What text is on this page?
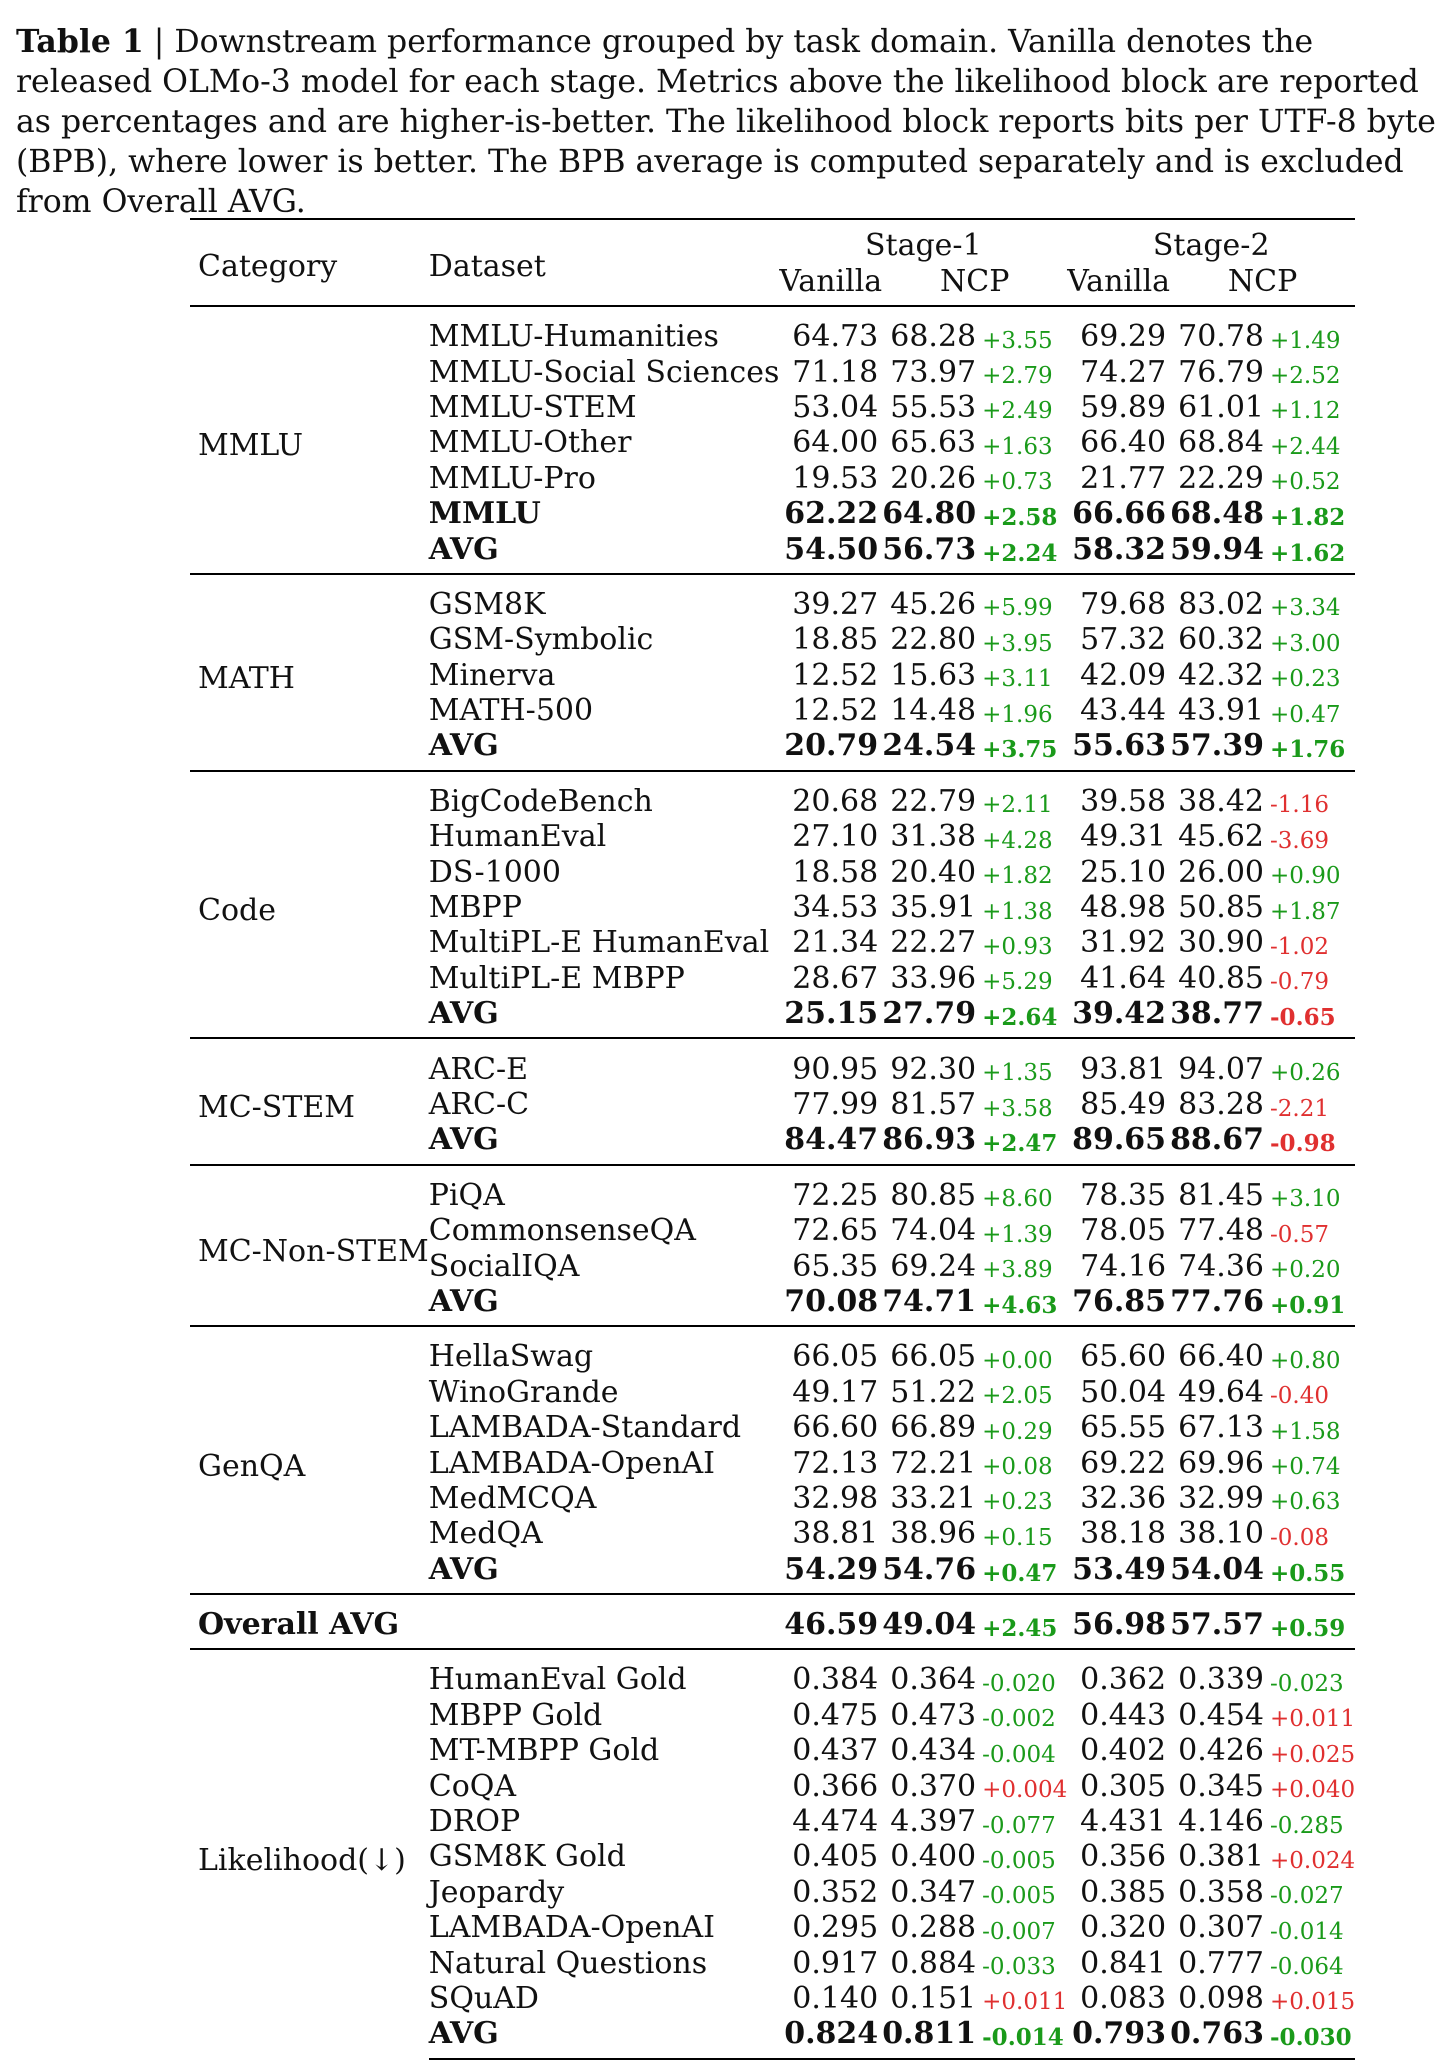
Table 1 | Downstream performance grouped by task domain. Vanilla denotes the released OLMo-3 model for each stage. Metrics above the likelihood block are reported as percentages and are higher-is-better. The likelihood block reports bits per UTF-8 byte (BPB), where lower is better. The BPB average is computed separately and is excluded from Overall AVG.
Category	Dataset	Stage-1			Stage-2		
		Vanilla	NCP		Vanilla	NCP	
MMLU	MMLU-Humanities	64.73	68.28	+3.55	69.29	70.78	+1.49
	MMLU-Social Sciences	71.18	73.97	+2.79	74.27	76.79	+2.52
	MMLU-STEM	53.04	55.53	+2.49	59.89	61.01	+1.12
	MMLU-Other	64.00	65.63	+1.63	66.40	68.84	+2.44
	MMLU-Pro	19.53	20.26	+0.73	21.77	22.29	+0.52
	MMLU	62.22	64.80	+2.58	66.66	68.48	+1.82
	AVG	54.50	56.73	+2.24	58.32	59.94	+1.62
MATH	GSM8K	39.27	45.26	+5.99	79.68	83.02	+3.34
	GSM-Symbolic	18.85	22.80	+3.95	57.32	60.32	+3.00
	Minerva	12.52	15.63	+3.11	42.09	42.32	+0.23
	MATH-500	12.52	14.48	+1.96	43.44	43.91	+0.47
	AVG	20.79	24.54	+3.75	55.63	57.39	+1.76
Code	BigCodeBench	20.68	22.79	+2.11	39.58	38.42	-1.16
	HumanEval	27.10	31.38	+4.28	49.31	45.62	-3.69
	DS-1000	18.58	20.40	+1.82	25.10	26.00	+0.90
	MBPP	34.53	35.91	+1.38	48.98	50.85	+1.87
	MultiPL-E HumanEval	21.34	22.27	+0.93	31.92	30.90	-1.02
	MultiPL-E MBPP	28.67	33.96	+5.29	41.64	40.85	-0.79
	AVG	25.15	27.79	+2.64	39.42	38.77	-0.65
MC-STEM	ARC-E	90.95	92.30	+1.35	93.81	94.07	+0.26
	ARC-C	77.99	81.57	+3.58	85.49	83.28	-2.21
	AVG	84.47	86.93	+2.47	89.65	88.67	-0.98
MC-Non-STEM	PiQA	72.25	80.85	+8.60	78.35	81.45	+3.10
	CommonsenseQA	72.65	74.04	+1.39	78.05	77.48	-0.57
	SocialIQA	65.35	69.24	+3.89	74.16	74.36	+0.20
	AVG	70.08	74.71	+4.63	76.85	77.76	+0.91
GenQA	HellaSwag	66.05	66.05	+0.00	65.60	66.40	+0.80
	WinoGrande	49.17	51.22	+2.05	50.04	49.64	-0.40
	LAMBADA-Standard	66.60	66.89	+0.29	65.55	67.13	+1.58
	LAMBADA-OpenAI	72.13	72.21	+0.08	69.22	69.96	+0.74
	MedMCQA	32.98	33.21	+0.23	32.36	32.99	+0.63
	MedQA	38.81	38.96	+0.15	38.18	38.10	-0.08
	AVG	54.29	54.76	+0.47	53.49	54.04	+0.55
Overall AVG		46.59	49.04	+2.45	56.98	57.57	+0.59
Likelihood(↓)	HumanEval Gold	0.384	0.364	-0.020	0.362	0.339	-0.023
	MBPP Gold	0.475	0.473	-0.002	0.443	0.454	+0.011
	MT-MBPP Gold	0.437	0.434	-0.004	0.402	0.426	+0.025
	CoQA	0.366	0.370	+0.004	0.305	0.345	+0.040
	DROP	4.474	4.397	-0.077	4.431	4.146	-0.285
	GSM8K Gold	0.405	0.400	-0.005	0.356	0.381	+0.024
	Jeopardy	0.352	0.347	-0.005	0.385	0.358	-0.027
	LAMBADA-OpenAI	0.295	0.288	-0.007	0.320	0.307	-0.014
	Natural Questions	0.917	0.884	-0.033	0.841	0.777	-0.064
	SQuAD	0.140	0.151	+0.011	0.083	0.098	+0.015
	AVG	0.824	0.811	-0.014	0.793	0.763	-0.030
